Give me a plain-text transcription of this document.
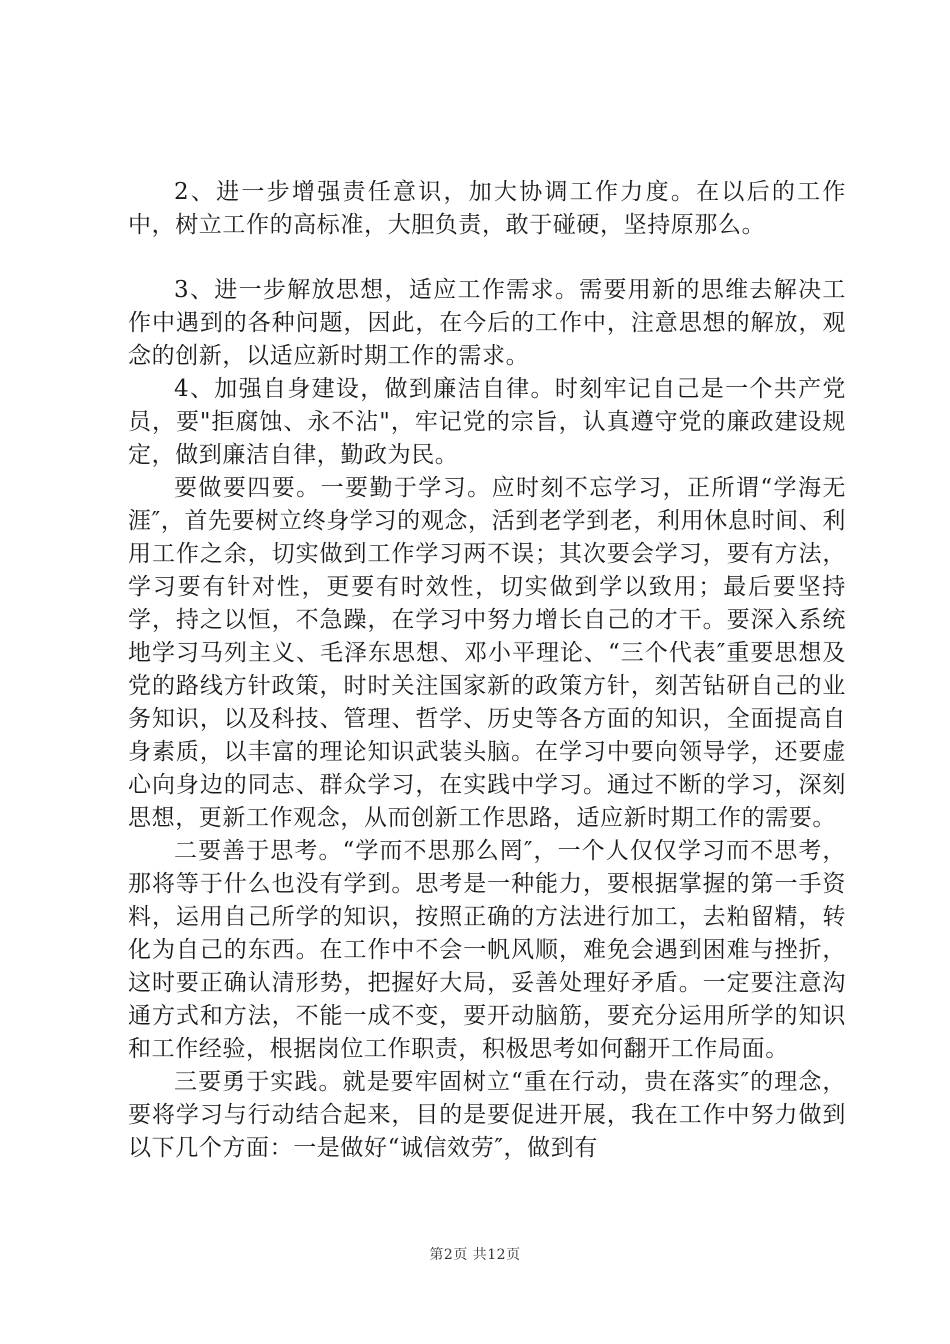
2、进一步增强责任意识，加大协调工作力度。在以后的工作中，树立工作的高标准，大胆负责，敢于碰硬，坚持原那么。

3、进一步解放思想，适应工作需求。需要用新的思维去解决工作中遇到的各种问题，因此，在今后的工作中，注意思想的解放，观念的创新，以适应新时期工作的需求。

4、加强自身建设，做到廉洁自律。时刻牢记自己是一个共产党员，要"拒腐蚀、永不沾"，牢记党的宗旨，认真遵守党的廉政建设规定，做到廉洁自律，勤政为民。

要做要四要。一要勤于学习。应时刻不忘学习，正所谓“学海无涯″，首先要树立终身学习的观念，活到老学到老，利用休息时间、利用工作之余，切实做到工作学习两不误；其次要会学习，要有方法，学习要有针对性，更要有时效性，切实做到学以致用；最后要坚持学，持之以恒，不急躁，在学习中努力增长自己的才干。要深入系统地学习马列主义、毛泽东思想、邓小平理论、“三个代表″重要思想及党的路线方针政策，时时关注国家新的政策方针，刻苦钻研自己的业务知识，以及科技、管理、哲学、历史等各方面的知识，全面提高自身素质，以丰富的理论知识武装头脑。在学习中要向领导学，还要虚心向身边的同志、群众学习，在实践中学习。通过不断的学习，深刻思想，更新工作观念，从而创新工作思路，适应新时期工作的需要。

二要善于思考。“学而不思那么罔″，一个人仅仅学习而不思考，那将等于什么也没有学到。思考是一种能力，要根据掌握的第一手资料，运用自己所学的知识，按照正确的方法进行加工，去粕留精，转化为自己的东西。在工作中不会一帆风顺，难免会遇到困难与挫折，这时要正确认清形势，把握好大局，妥善处理好矛盾。一定要注意沟通方式和方法，不能一成不变，要开动脑筋，要充分运用所学的知识和工作经验，根据岗位工作职责，积极思考如何翻开工作局面。

三要勇于实践。就是要牢固树立“重在行动，贵在落实″的理念，要将学习与行动结合起来，目的是要促进开展，我在工作中努力做到以下几个方面：一是做好“诚信效劳″，做到有

第2页 共12页
